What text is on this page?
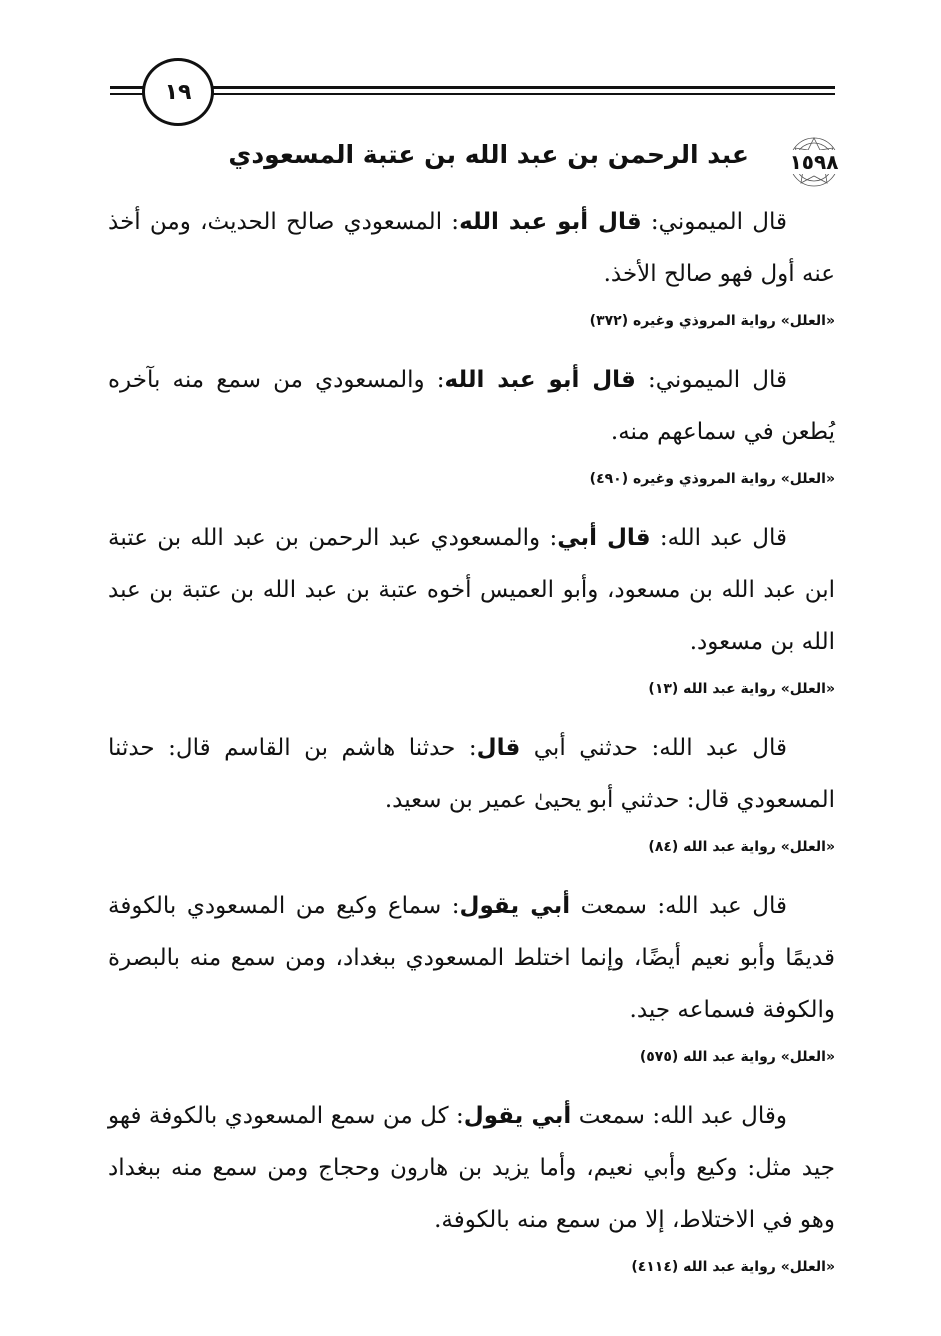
١٩
١٥٩٨
عبد الرحمن بن عبد الله بن عتبة المسعودي

قال الميموني: قال أبو عبد الله: المسعودي صالح الحديث، ومن أخذ عنه أول فهو صالح الأخذ.

«العلل» رواية المروذي وغيره (٣٧٢)

قال الميموني: قال أبو عبد الله: والمسعودي من سمع منه بآخره يُطعن في سماعهم منه.

«العلل» رواية المروذي وغيره (٤٩٠)

قال عبد الله: قال أبي: والمسعودي عبد الرحمن بن عبد الله بن عتبة ابن عبد الله بن مسعود، وأبو العميس أخوه عتبة بن عبد الله بن عتبة بن عبد الله بن مسعود.

«العلل» رواية عبد الله (١٣)

قال عبد الله: حدثني أبي قال: حدثنا هاشم بن القاسم قال: حدثنا المسعودي قال: حدثني أبو يحيىٰ عمير بن سعيد.

«العلل» رواية عبد الله (٨٤)

قال عبد الله: سمعت أبي يقول: سماع وكيع من المسعودي بالكوفة قديمًا وأبو نعيم أيضًا، وإنما اختلط المسعودي ببغداد، ومن سمع منه بالبصرة والكوفة فسماعه جيد.

«العلل» رواية عبد الله (٥٧٥)

وقال عبد الله: سمعت أبي يقول: كل من سمع المسعودي بالكوفة فهو جيد مثل: وكيع وأبي نعيم، وأما يزيد بن هارون وحجاج ومن سمع منه ببغداد وهو في الاختلاط، إلا من سمع منه بالكوفة.

«العلل» رواية عبد الله (٤١١٤)
